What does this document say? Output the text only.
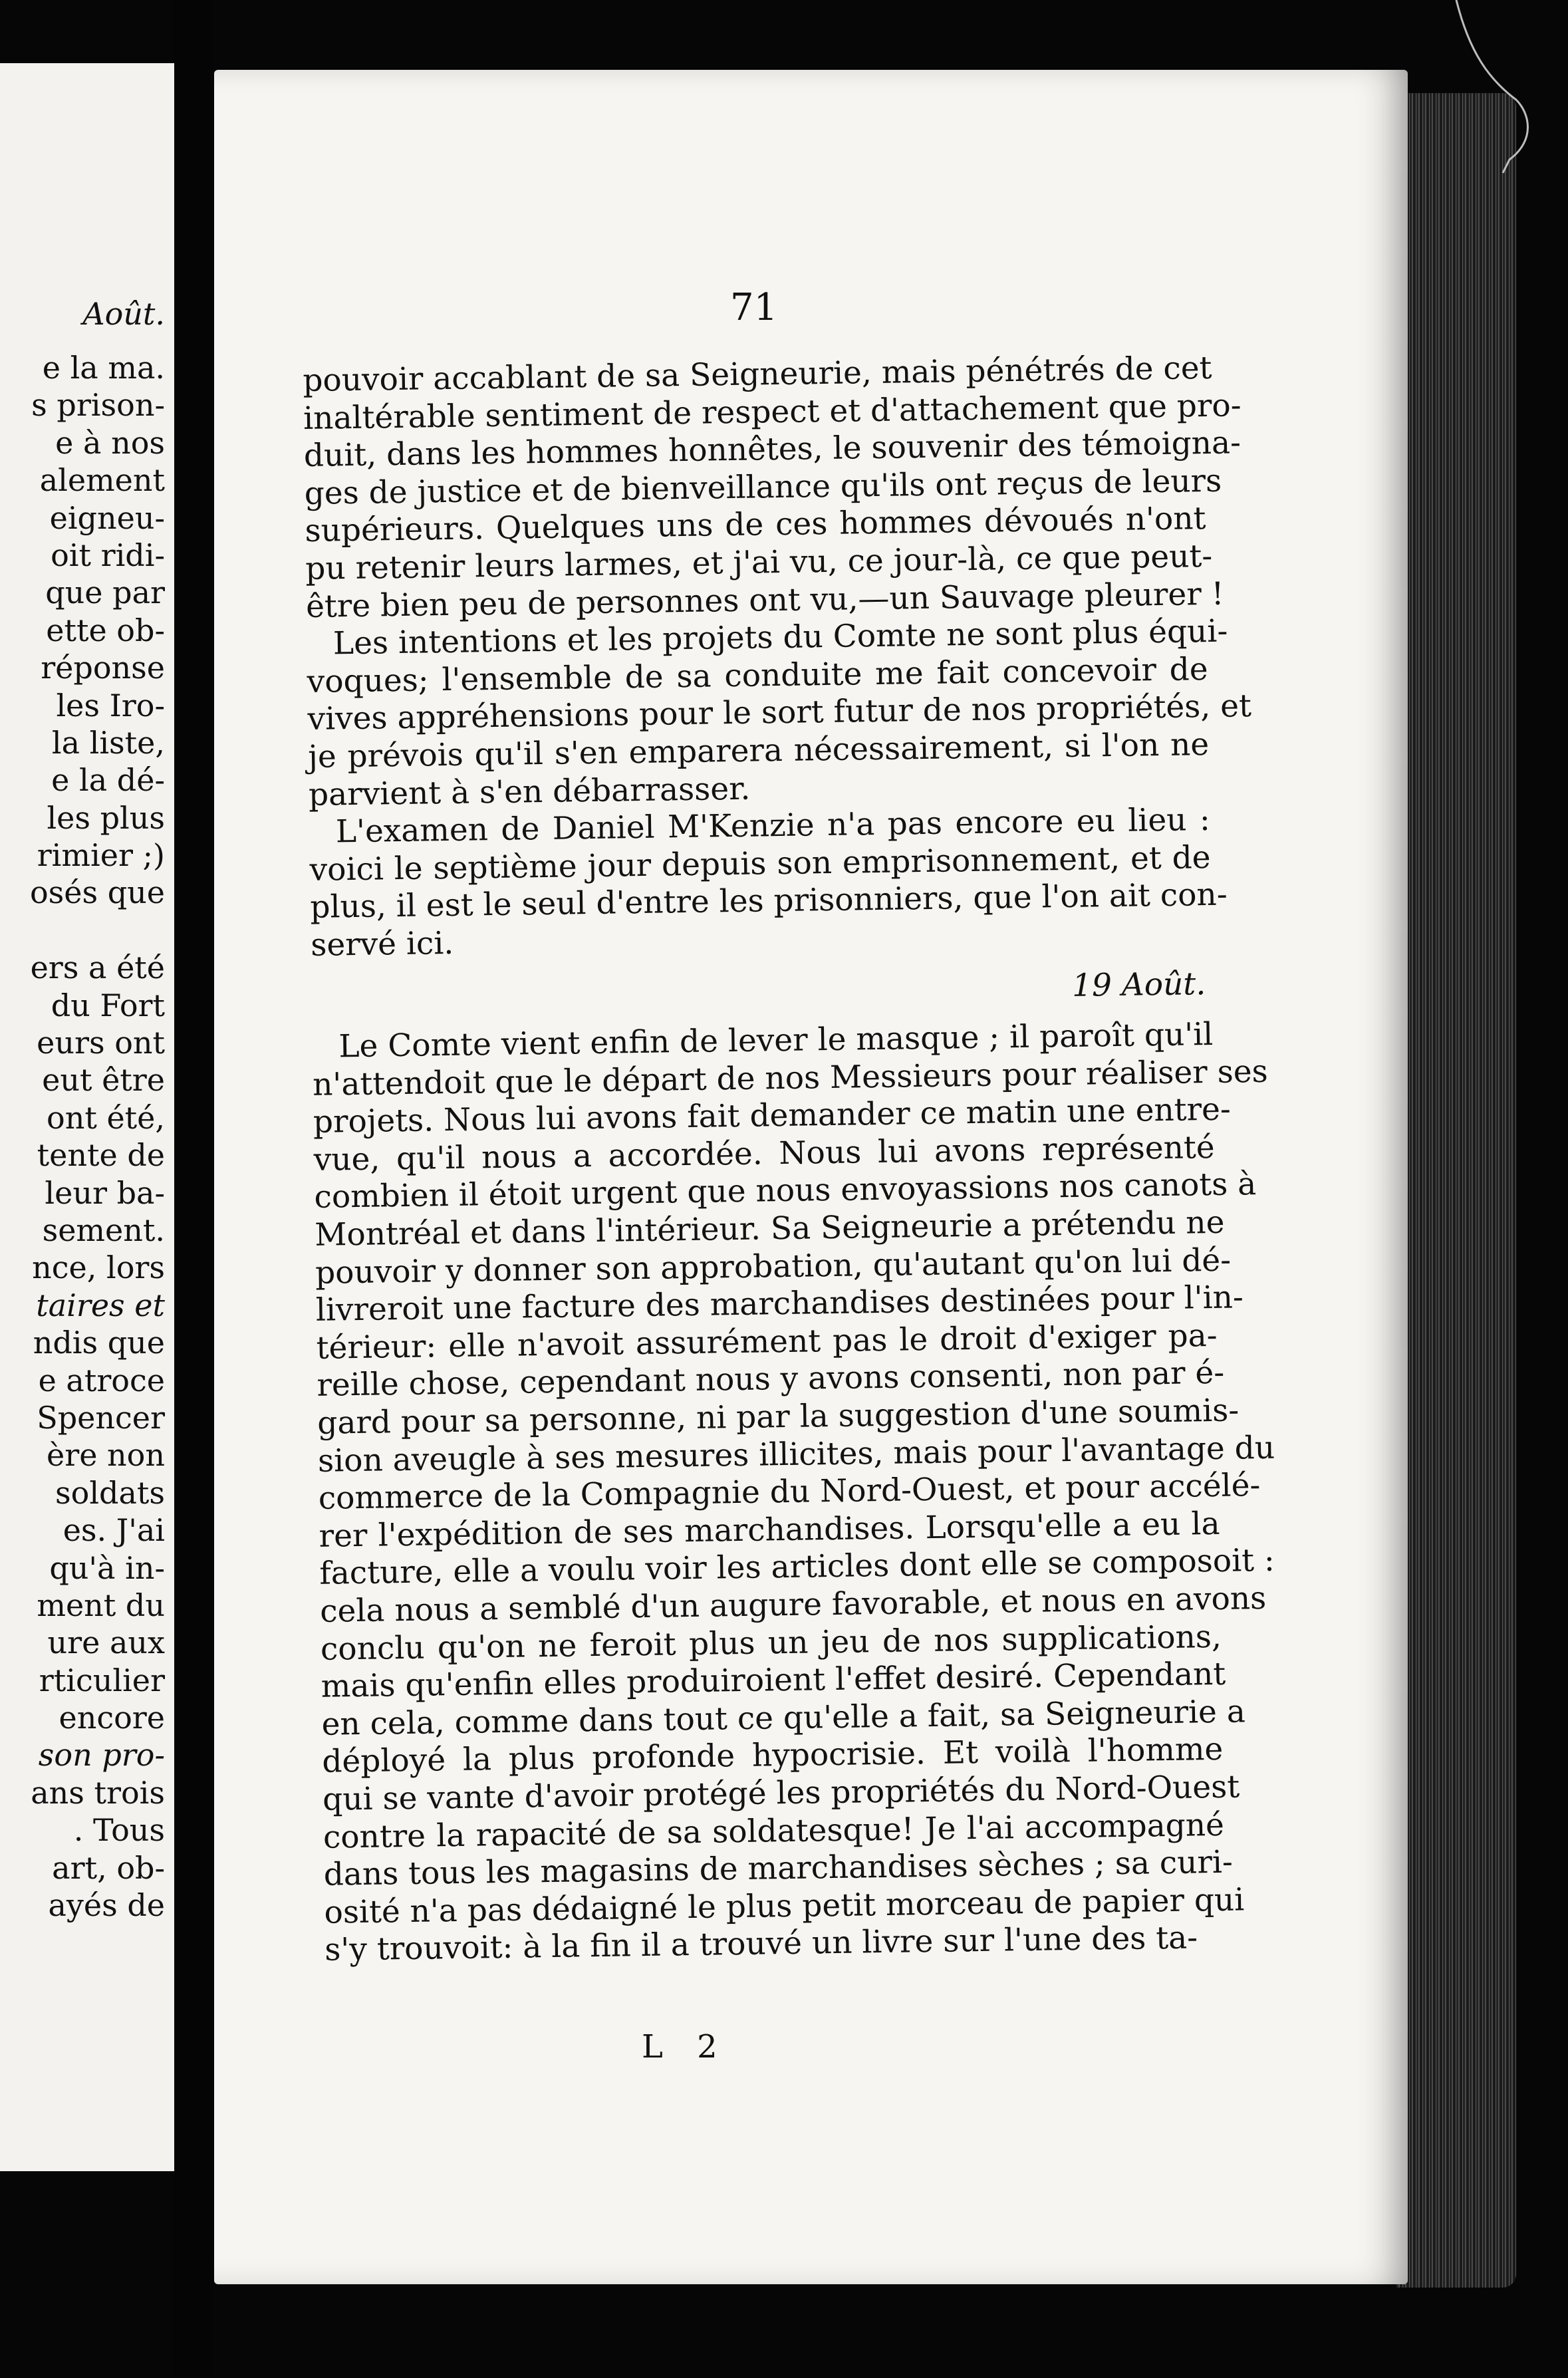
Août.
e la ma.
s prison-
e à nos
alement
eigneu-
oit ridi-
que par
ette ob-
réponse
les Iro-
la liste,
e la dé-
les plus
rimier ;)
osés que
ers a été
du Fort
eurs ont
eut être
ont été,
tente de
leur ba-
sement.
nce, lors
taires et
ndis que
e atroce
Spencer
ère non
soldats
es. J'ai
qu'à in-
ment du
ure aux
rticulier
encore
son pro-
ans trois
. Tous
art, ob-
ayés de
71
pouvoir accablant de sa Seigneurie, mais pénétrés de cet
inaltérable sentiment de respect et d'attachement que pro-
duit, dans les hommes honnêtes, le souvenir des témoigna-
ges de justice et de bienveillance qu'ils ont reçus de leurs
supérieurs. Quelques uns de ces hommes dévoués n'ont
pu retenir leurs larmes, et j'ai vu, ce jour-là, ce que peut-
être bien peu de personnes ont vu,—un Sauvage pleurer !
Les intentions et les projets du Comte ne sont plus équi-
voques; l'ensemble de sa conduite me fait concevoir de
vives appréhensions pour le sort futur de nos propriétés, et
je prévois qu'il s'en emparera nécessairement, si l'on ne
parvient à s'en débarrasser.
L'examen de Daniel M'Kenzie n'a pas encore eu lieu :
voici le septième jour depuis son emprisonnement, et de
plus, il est le seul d'entre les prisonniers, que l'on ait con-
servé ici.
19 Août.
Le Comte vient enfin de lever le masque ; il paroît qu'il
n'attendoit que le départ de nos Messieurs pour réaliser ses
projets. Nous lui avons fait demander ce matin une entre-
vue, qu'il nous a accordée. Nous lui avons représenté
combien il étoit urgent que nous envoyassions nos canots à
Montréal et dans l'intérieur. Sa Seigneurie a prétendu ne
pouvoir y donner son approbation, qu'autant qu'on lui dé-
livreroit une facture des marchandises destinées pour l'in-
térieur: elle n'avoit assurément pas le droit d'exiger pa-
reille chose, cependant nous y avons consenti, non par é-
gard pour sa personne, ni par la suggestion d'une soumis-
sion aveugle à ses mesures illicites, mais pour l'avantage du
commerce de la Compagnie du Nord-Ouest, et pour accélé-
rer l'expédition de ses marchandises. Lorsqu'elle a eu la
facture, elle a voulu voir les articles dont elle se composoit :
cela nous a semblé d'un augure favorable, et nous en avons
conclu qu'on ne feroit plus un jeu de nos supplications,
mais qu'enfin elles produiroient l'effet desiré. Cependant
en cela, comme dans tout ce qu'elle a fait, sa Seigneurie a
déployé la plus profonde hypocrisie. Et voilà l'homme
qui se vante d'avoir protégé les propriétés du Nord-Ouest
contre la rapacité de sa soldatesque! Je l'ai accompagné
dans tous les magasins de marchandises sèches ; sa curi-
osité n'a pas dédaigné le plus petit morceau de papier qui
s'y trouvoit: à la fin il a trouvé un livre sur l'une des ta-
L 2
